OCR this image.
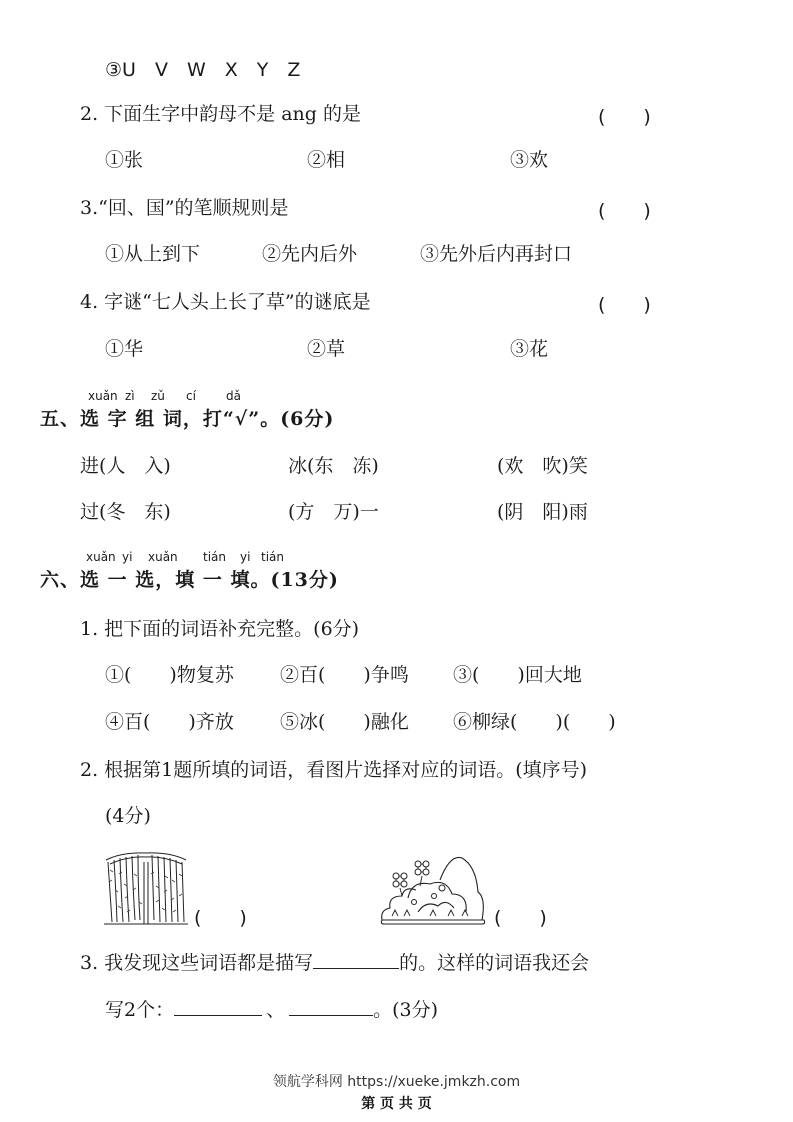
③U　V　W　X　Y　Z
2. 下面生字中韵母不是 ang 的是	(　　)
①张	②相	③欢
3.“回、国”的笔顺规则是	(　　)
①从上到下	②先内后外	③先外后内再封口
4. 字谜“七人头上长了草”的谜底是	(　　)
①华	②草	③花
xuǎn zì zǔ cí	dǎ
五、选 字 组 词，打“√”。(6分)
进(人　入)	冰(东　冻)	(欢　吹)笑
过(冬　东)	(方　万)一	(阴　阳)雨
xuǎn yi xuǎn tián yi tián
六、选 一 选，填 一 填。(13分)
1. 把下面的词语补充完整。(6分)
①(　　)物复苏 ②百(　　)争鸣 ③(　　)回大地
④百(　　)齐放 ⑤冰(　　)融化 ⑥柳绿(　　)(　　)
2. 根据第1题所填的词语，看图片选择对应的词语。(填序号)
(4分)
(　　)	(　　)
3. 我发现这些词语都是描写	的。这样的词语我还会
写2个：	、	。(3分)
领航学科网 https://xueke.jmkzh.com
第 页 共 页
